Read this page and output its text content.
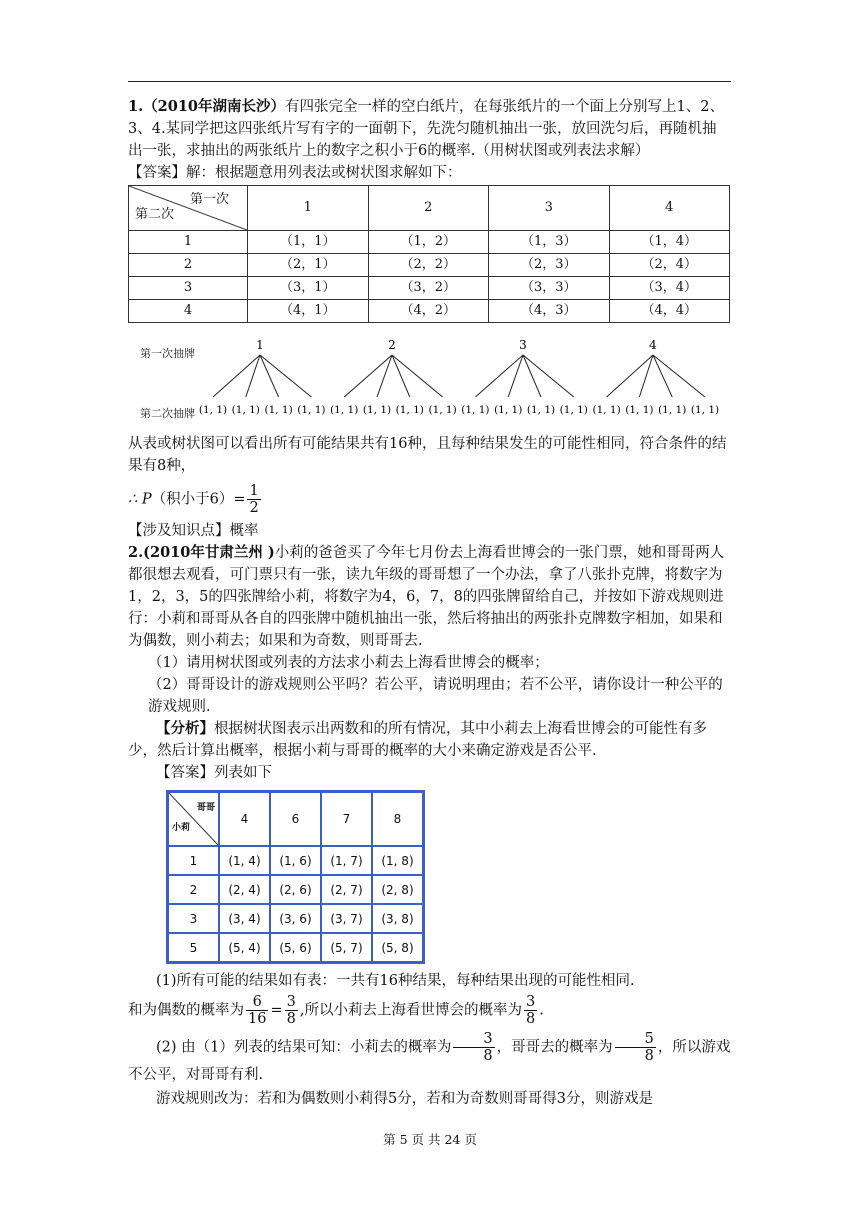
1.（2010年湖南长沙）有四张完全一样的空白纸片，在每张纸片的一个面上分别写上1、2、3、4.某同学把这四张纸片写有字的一面朝下，先洗匀随机抽出一张，放回洗匀后，再随机抽出一张，求抽出的两张纸片上的数字之积小于6的概率.（用树状图或列表法求解）

【答案】解：根据题意用列表法或树状图求解如下：

第一次
第二次	1	2	3	4
1	（1，1）	（1，2）	（1，3）	（1，4）
2	（2，1）	（2，2）	（2，3）	（2，4）
3	（3，1）	（3，2）	（3，3）	（3，4）
4	（4，1）	（4，2）	（4，3）	（4，4）
第一次抽牌
第二次抽牌
1
(1, 1) (1, 1) (1, 1) (1, 1)
2
(1, 1) (1, 1) (1, 1) (1, 1)
3
(1, 1) (1, 1) (1, 1) (1, 1)
4
(1, 1) (1, 1) (1, 1) (1, 1)

从表或树状图可以看出所有可能结果共有16种，且每种结果发生的可能性相同，符合条件的结果有8种，

∴ P（积小于$6)= \frac{1}{2}$

【涉及知识点】概率

2.(2010年甘肃兰州 )小莉的爸爸买了今年七月份去上海看世博会的一张门票，她和哥哥两人都很想去观看，可门票只有一张，读九年级的哥哥想了一个办法，拿了八张扑克牌，将数字为1，2，3，5的四张牌给小莉，将数字为4，6，7，8的四张牌留给自己，并按如下游戏规则进行：小莉和哥哥从各自的四张牌中随机抽出一张，然后将抽出的两张扑克牌数字相加，如果和为偶数，则小莉去；如果和为奇数，则哥哥去.

（1）请用树状图或列表的方法求小莉去上海看世博会的概率；

（2）哥哥设计的游戏规则公平吗？若公平，请说明理由；若不公平，请你设计一种公平的游戏规则.

【分析】根据树状图表示出两数和的所有情况，其中小莉去上海看世博会的可能性有多少，然后计算出概率，根据小莉与哥哥的概率的大小来确定游戏是否公平.

【答案】列表如下

哥哥
小莉	4	6	7	8
1	(1, 4)	(1, 6)	(1, 7)	(1, 8)
2	(2, 4)	(2, 6)	(2, 7)	(2, 8)
3	(3, 4)	(3, 6)	(3, 7)	(3, 8)
5	(5, 4)	(5, 6)	(5, 7)	(5, 8)

(1)所有可能的结果如有表：一共有16种结果，每种结果出现的可能性相同.

和为偶数的概率为 $\frac{6}{16} = \frac{3}{8}$ ,所以小莉去上海看世博会的概率为 $\frac{3}{8}$ .

(2) 由（1）列表的结果可知：小莉去的概率为 $\frac{3}{8}$ ，哥哥去的概率为 $\frac{5}{8}$ ，所以游戏

不公平，对哥哥有利.

游戏规则改为：若和为偶数则小莉得5分，若和为奇数则哥哥得3分，则游戏是

第 5 页 共 24 页
